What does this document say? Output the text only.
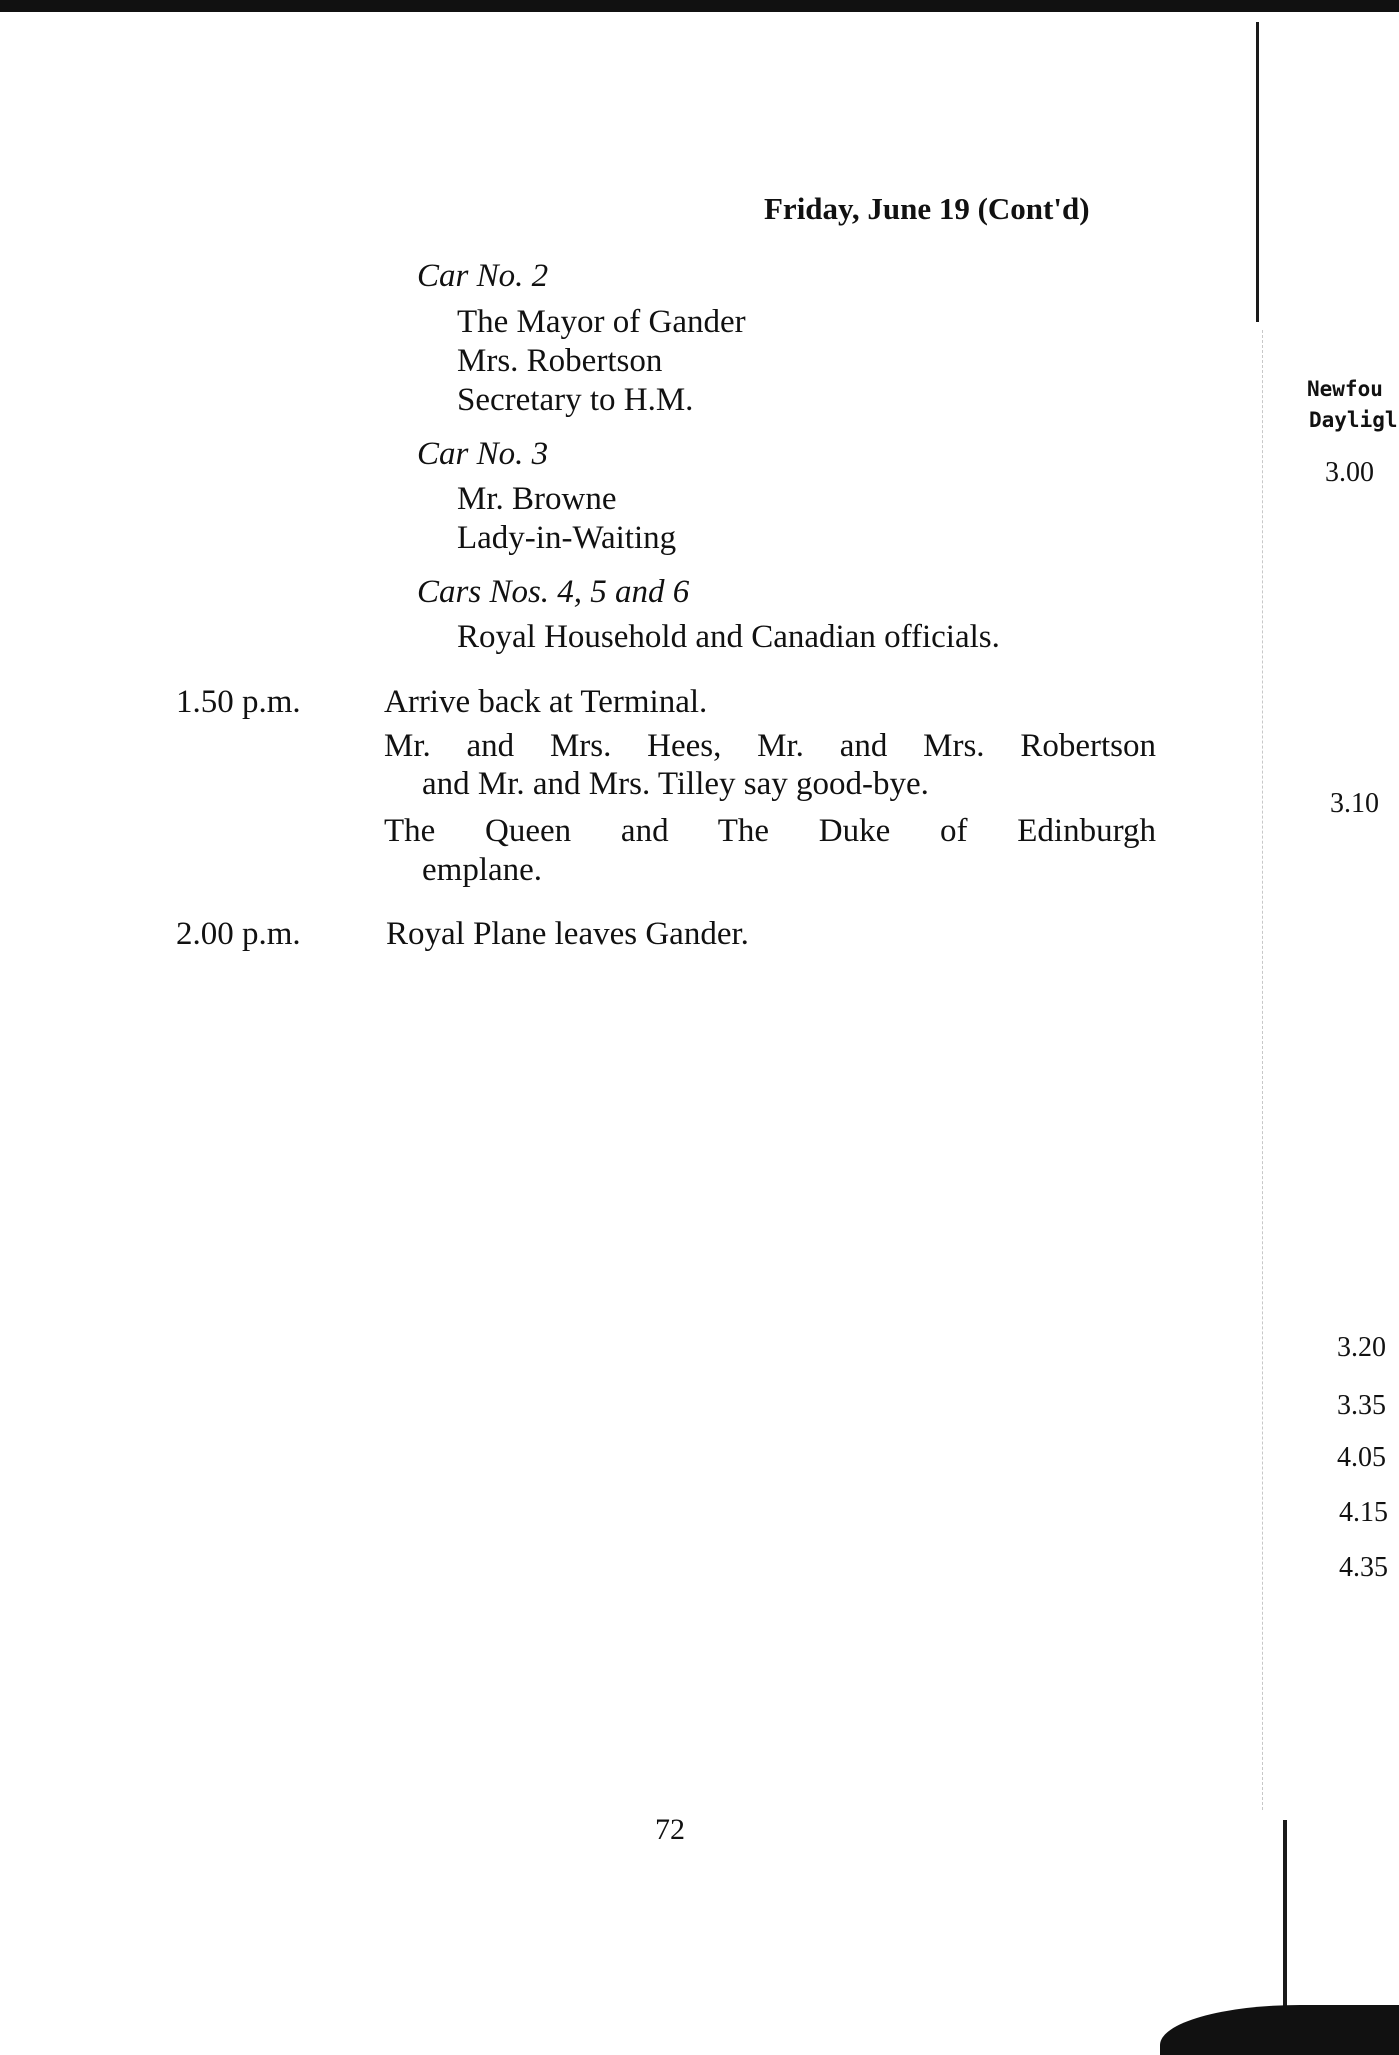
Friday, June 19 (Cont'd)
Car No. 2
The Mayor of Gander
Mrs. Robertson
Secretary to H.M.
Car No. 3
Mr. Browne
Lady-in-Waiting
Cars Nos. 4, 5 and 6
Royal Household and Canadian officials.
1.50 p.m.	Arrive back at Terminal.
Mr. and Mrs. Hees, Mr. and Mrs. Robertson
and Mr. and Mrs. Tilley say good-bye.
The Queen and The Duke of Edinburgh
emplane.
2.00 p.m.	Royal Plane leaves Gander.
72
Newfou
Dayligl
3.00
3.10
3.20
3.35
4.05
4.15
4.35
